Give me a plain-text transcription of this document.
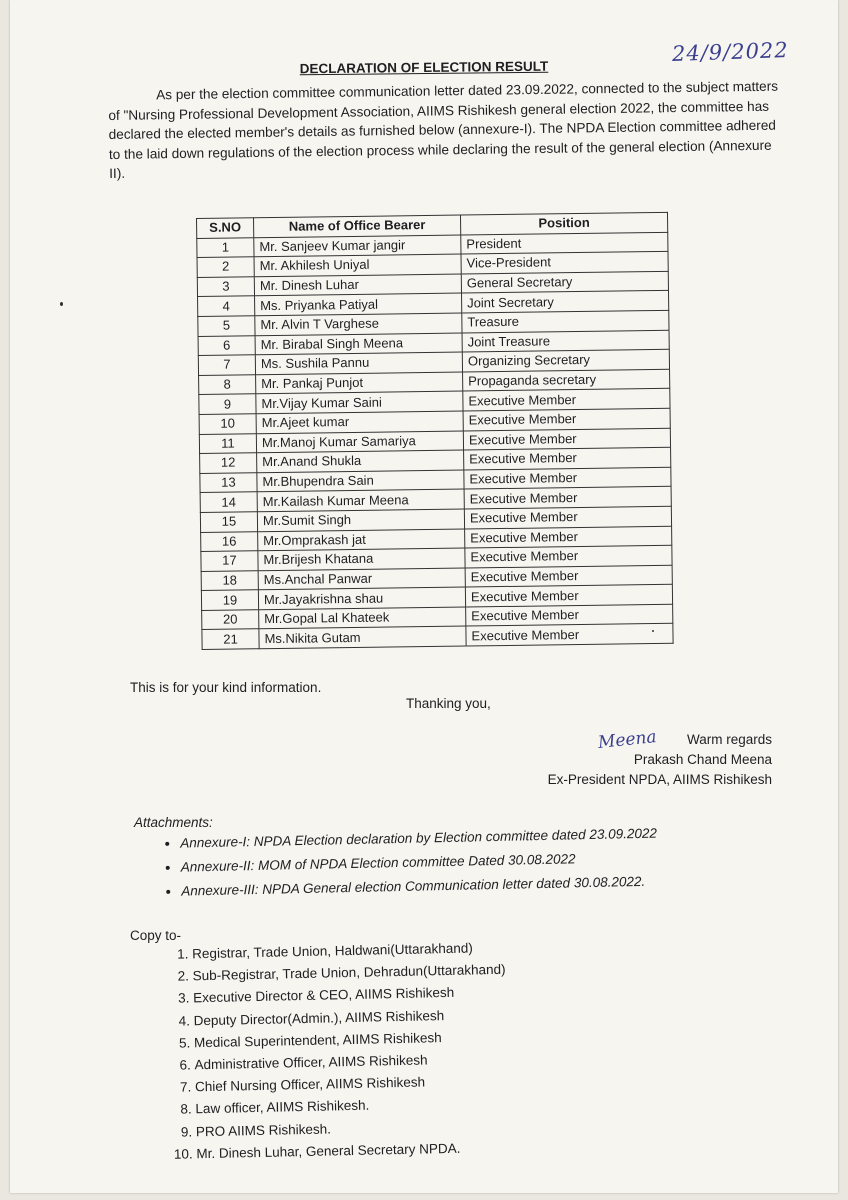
24/9/2022
DECLARATION OF ELECTION RESULT
As per the election committee communication letter dated 23.09.2022, connected to the subject matters of "Nursing Professional Development Association, AIIMS Rishikesh general election 2022, the committee has declared the elected member's details as furnished below (annexure-I). The NPDA Election committee adhered to the laid down regulations of the election process while declaring the result of the general election (Annexure II).
S.NO	Name of Office Bearer	Position
1	Mr. Sanjeev Kumar jangir	President
2	Mr. Akhilesh Uniyal	Vice-President
3	Mr. Dinesh Luhar	General Secretary
4	Ms. Priyanka Patiyal	Joint Secretary
5	Mr. Alvin T Varghese	Treasure
6	Mr. Birabal Singh Meena	Joint Treasure
7	Ms. Sushila Pannu	Organizing Secretary
8	Mr. Pankaj Punjot	Propaganda secretary
9	Mr.Vijay Kumar Saini	Executive Member
10	Mr.Ajeet kumar	Executive Member
11	Mr.Manoj Kumar Samariya	Executive Member
12	Mr.Anand Shukla	Executive Member
13	Mr.Bhupendra Sain	Executive Member
14	Mr.Kailash Kumar Meena	Executive Member
15	Mr.Sumit Singh	Executive Member
16	Mr.Omprakash jat	Executive Member
17	Mr.Brijesh Khatana	Executive Member
18	Ms.Anchal Panwar	Executive Member
19	Mr.Jayakrishna shau	Executive Member
20	Mr.Gopal Lal Khateek	Executive Member
21	Ms.Nikita Gutam	Executive Member
This is for your kind information.
Thanking you,
Meena	Warm regards
Prakash Chand Meena
Ex-President NPDA, AIIMS Rishikesh
Attachments:
• Annexure-I: NPDA Election declaration by Election committee dated 23.09.2022
• Annexure-II: MOM of NPDA Election committee Dated 30.08.2022
• Annexure-III: NPDA General election Communication letter dated 30.08.2022.
Copy to-
1. Registrar, Trade Union, Haldwani(Uttarakhand)
2. Sub-Registrar, Trade Union, Dehradun(Uttarakhand)
3. Executive Director & CEO, AIIMS Rishikesh
4. Deputy Director(Admin.), AIIMS Rishikesh
5. Medical Superintendent, AIIMS Rishikesh
6. Administrative Officer, AIIMS Rishikesh
7. Chief Nursing Officer, AIIMS Rishikesh
8. Law officer, AIIMS Rishikesh.
9. PRO AIIMS Rishikesh.
10. Mr. Dinesh Luhar, General Secretary NPDA.
